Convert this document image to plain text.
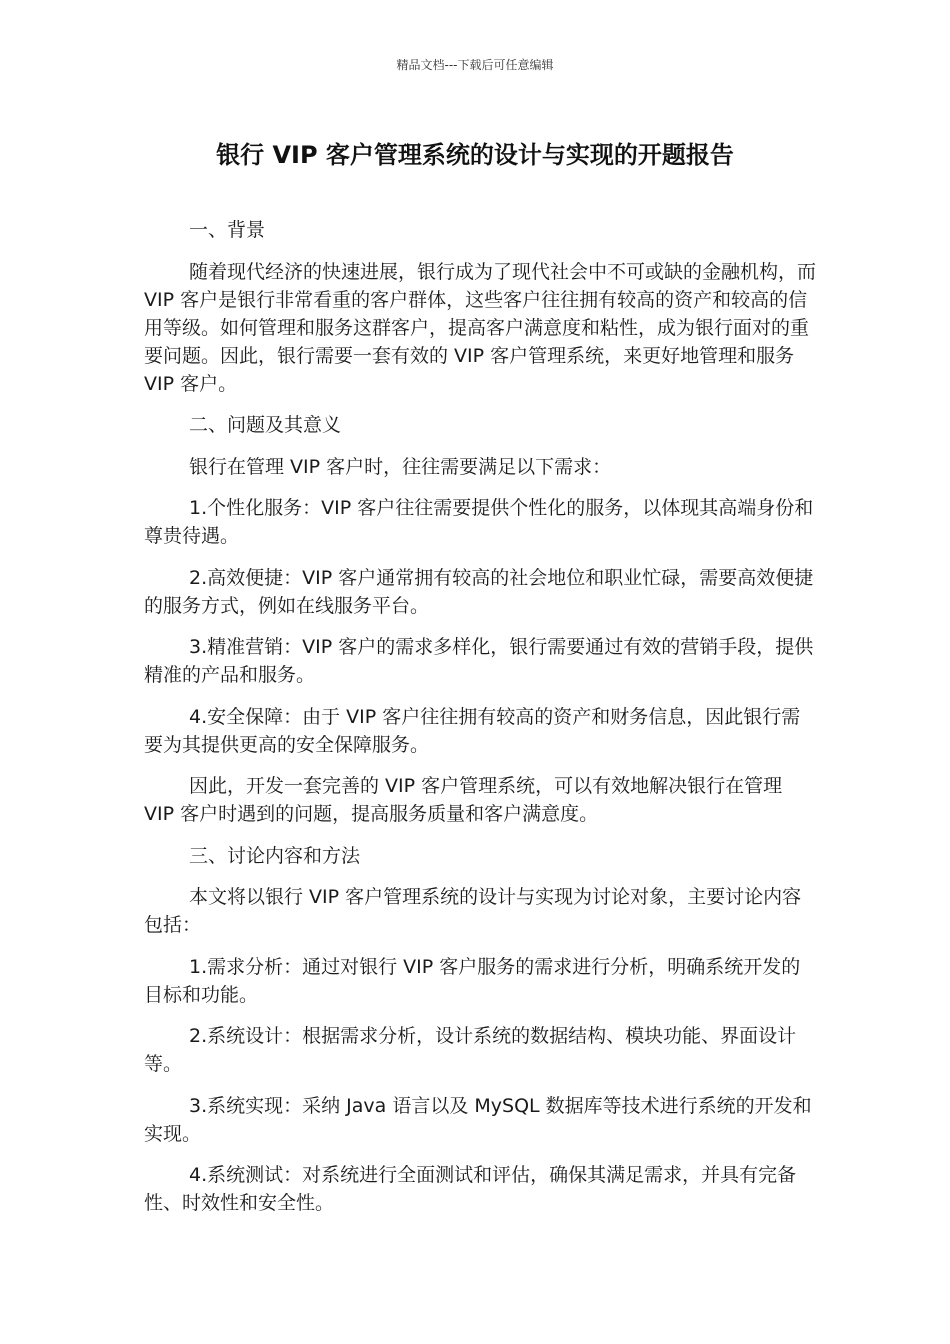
精品文档---下载后可任意编辑
银行 VIP 客户管理系统的设计与实现的开题报告

一、背景

随着现代经济的快速进展，银行成为了现代社会中不可或缺的金融机构，而 VIP 客户是银行非常看重的客户群体，这些客户往往拥有较高的资产和较高的信用等级。如何管理和服务这群客户，提高客户满意度和粘性，成为银行面对的重要问题。因此，银行需要一套有效的 VIP 客户管理系统，来更好地管理和服务 VIP 客户。

二、问题及其意义

银行在管理 VIP 客户时，往往需要满足以下需求：

1.个性化服务：VIP 客户往往需要提供个性化的服务，以体现其高端身份和尊贵待遇。

2.高效便捷：VIP 客户通常拥有较高的社会地位和职业忙碌，需要高效便捷的服务方式，例如在线服务平台。

3.精准营销：VIP 客户的需求多样化，银行需要通过有效的营销手段，提供精准的产品和服务。

4.安全保障：由于 VIP 客户往往拥有较高的资产和财务信息，因此银行需要为其提供更高的安全保障服务。

因此，开发一套完善的 VIP 客户管理系统，可以有效地解决银行在管理 VIP 客户时遇到的问题，提高服务质量和客户满意度。

三、讨论内容和方法

本文将以银行 VIP 客户管理系统的设计与实现为讨论对象，主要讨论内容包括：

1.需求分析：通过对银行 VIP 客户服务的需求进行分析，明确系统开发的目标和功能。

2.系统设计：根据需求分析，设计系统的数据结构、模块功能、界面设计等。

3.系统实现：采纳 Java 语言以及 MySQL 数据库等技术进行系统的开发和实现。

4.系统测试：对系统进行全面测试和评估，确保其满足需求，并具有完备性、时效性和安全性。
